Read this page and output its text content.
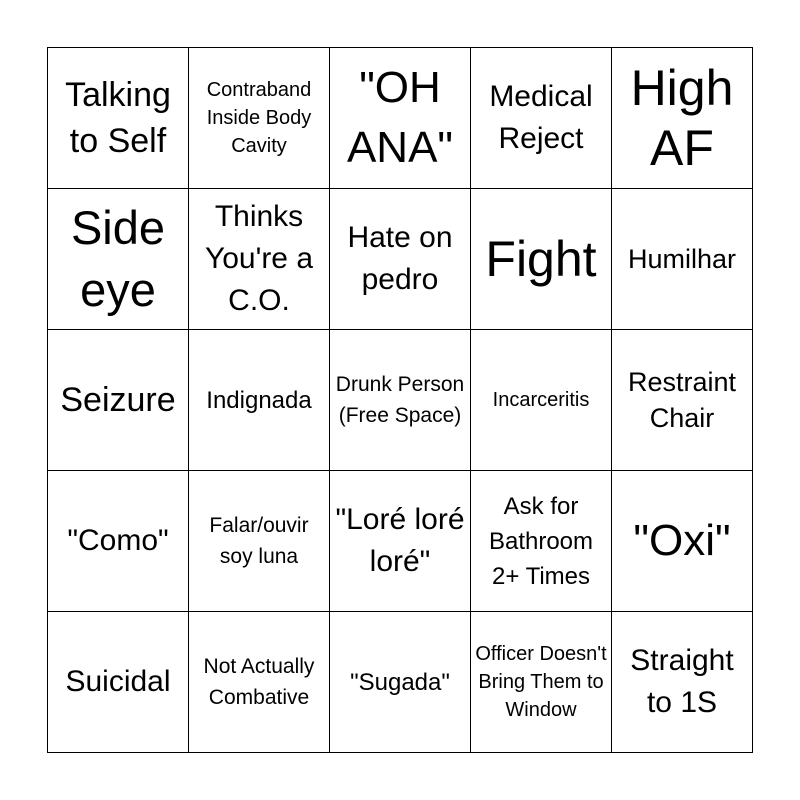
Talking to Self
Contraband Inside Body Cavity
"OH ANA"
Medical Reject
High AF
Side eye
Thinks You're a C.O.
Hate on pedro Fight Humilhar
Seizure Indignada
Drunk Person (Free Space)
Incarceritis
Restraint Chair
"Como"	Falar/ouvir soy luna
"Loré loré loré"
Ask for Bathroom 2+ Times
"Oxi"
Suicidal	Not Actually Combative
"Sugada"
Officer Doesn't Bring Them to Window
Straight to 1S
